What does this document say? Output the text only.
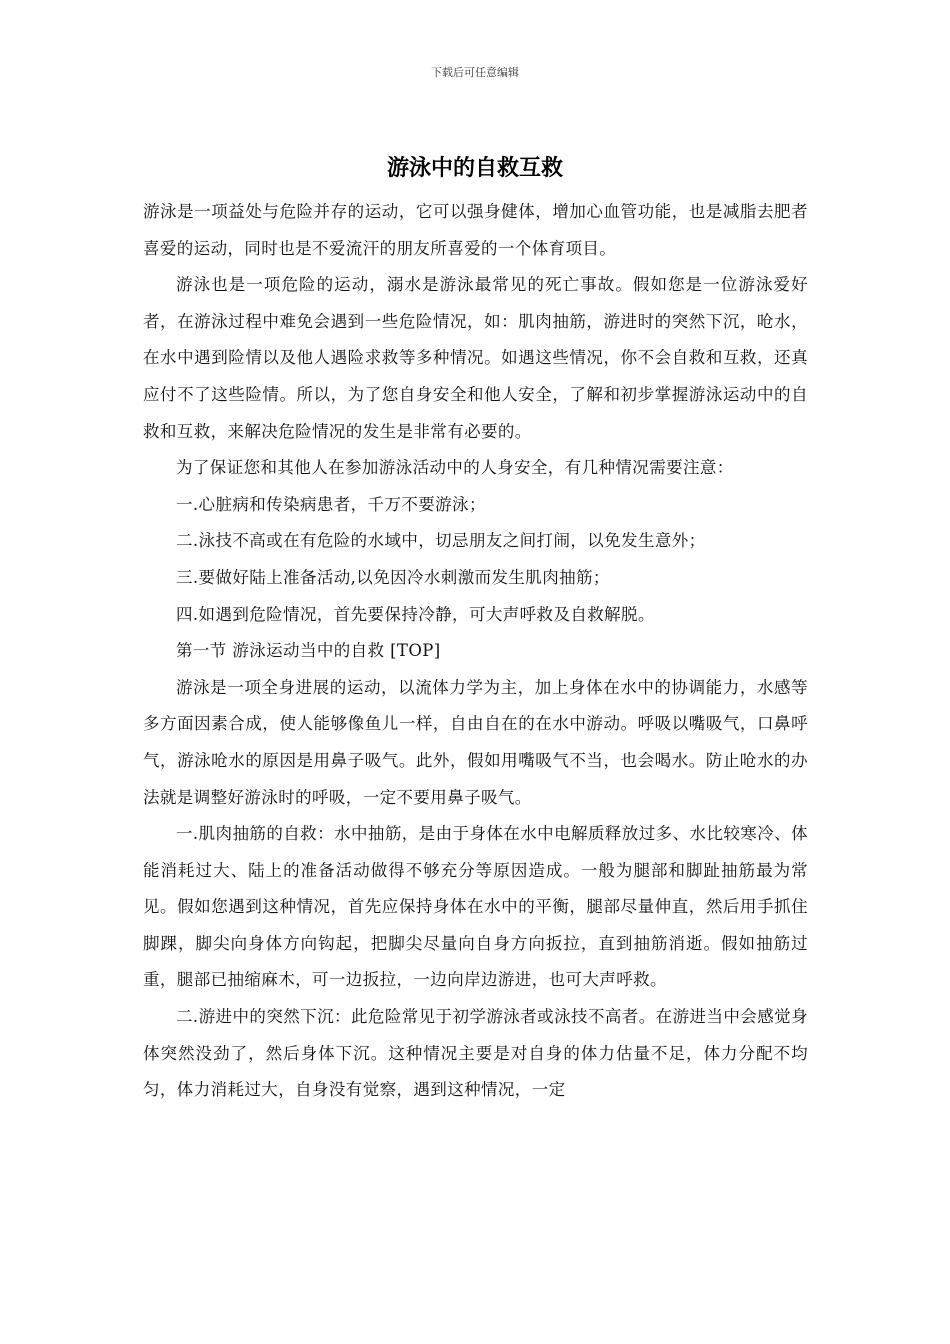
下载后可任意编辑
游泳中的自救互救

游泳是一项益处与危险并存的运动，它可以强身健体，增加心血管功能，也是减脂去肥者喜爱的运动，同时也是不爱流汗的朋友所喜爱的一个体育项目。

游泳也是一项危险的运动，溺水是游泳最常见的死亡事故。假如您是一位游泳爱好者，在游泳过程中难免会遇到一些危险情况，如：肌肉抽筋，游进时的突然下沉，呛水，在水中遇到险情以及他人遇险求救等多种情况。如遇这些情况，你不会自救和互救，还真应付不了这些险情。所以，为了您自身安全和他人安全，了解和初步掌握游泳运动中的自救和互救，来解决危险情况的发生是非常有必要的。

为了保证您和其他人在参加游泳活动中的人身安全，有几种情况需要注意：

一.心脏病和传染病患者，千万不要游泳；

二.泳技不高或在有危险的水域中，切忌朋友之间打闹，以免发生意外；

三.要做好陆上准备活动,以免因冷水刺激而发生肌肉抽筋；

四.如遇到危险情况，首先要保持冷静，可大声呼救及自救解脱。

第一节 游泳运动当中的自救 [TOP]

游泳是一项全身进展的运动，以流体力学为主，加上身体在水中的协调能力，水感等多方面因素合成，使人能够像鱼儿一样，自由自在的在水中游动。呼吸以嘴吸气，口鼻呼气，游泳呛水的原因是用鼻子吸气。此外，假如用嘴吸气不当，也会喝水。防止呛水的办法就是调整好游泳时的呼吸，一定不要用鼻子吸气。

一.肌肉抽筋的自救：水中抽筋，是由于身体在水中电解质释放过多、水比较寒冷、体能消耗过大、陆上的准备活动做得不够充分等原因造成。一般为腿部和脚趾抽筋最为常见。假如您遇到这种情况，首先应保持身体在水中的平衡，腿部尽量伸直，然后用手抓住脚踝，脚尖向身体方向钩起，把脚尖尽量向自身方向扳拉，直到抽筋消逝。假如抽筋过重，腿部已抽缩麻木，可一边扳拉，一边向岸边游进，也可大声呼救。

二.游进中的突然下沉：此危险常见于初学游泳者或泳技不高者。在游进当中会感觉身体突然没劲了，然后身体下沉。这种情况主要是对自身的体力估量不足，体力分配不均匀，体力消耗过大，自身没有觉察，遇到这种情况，一定
